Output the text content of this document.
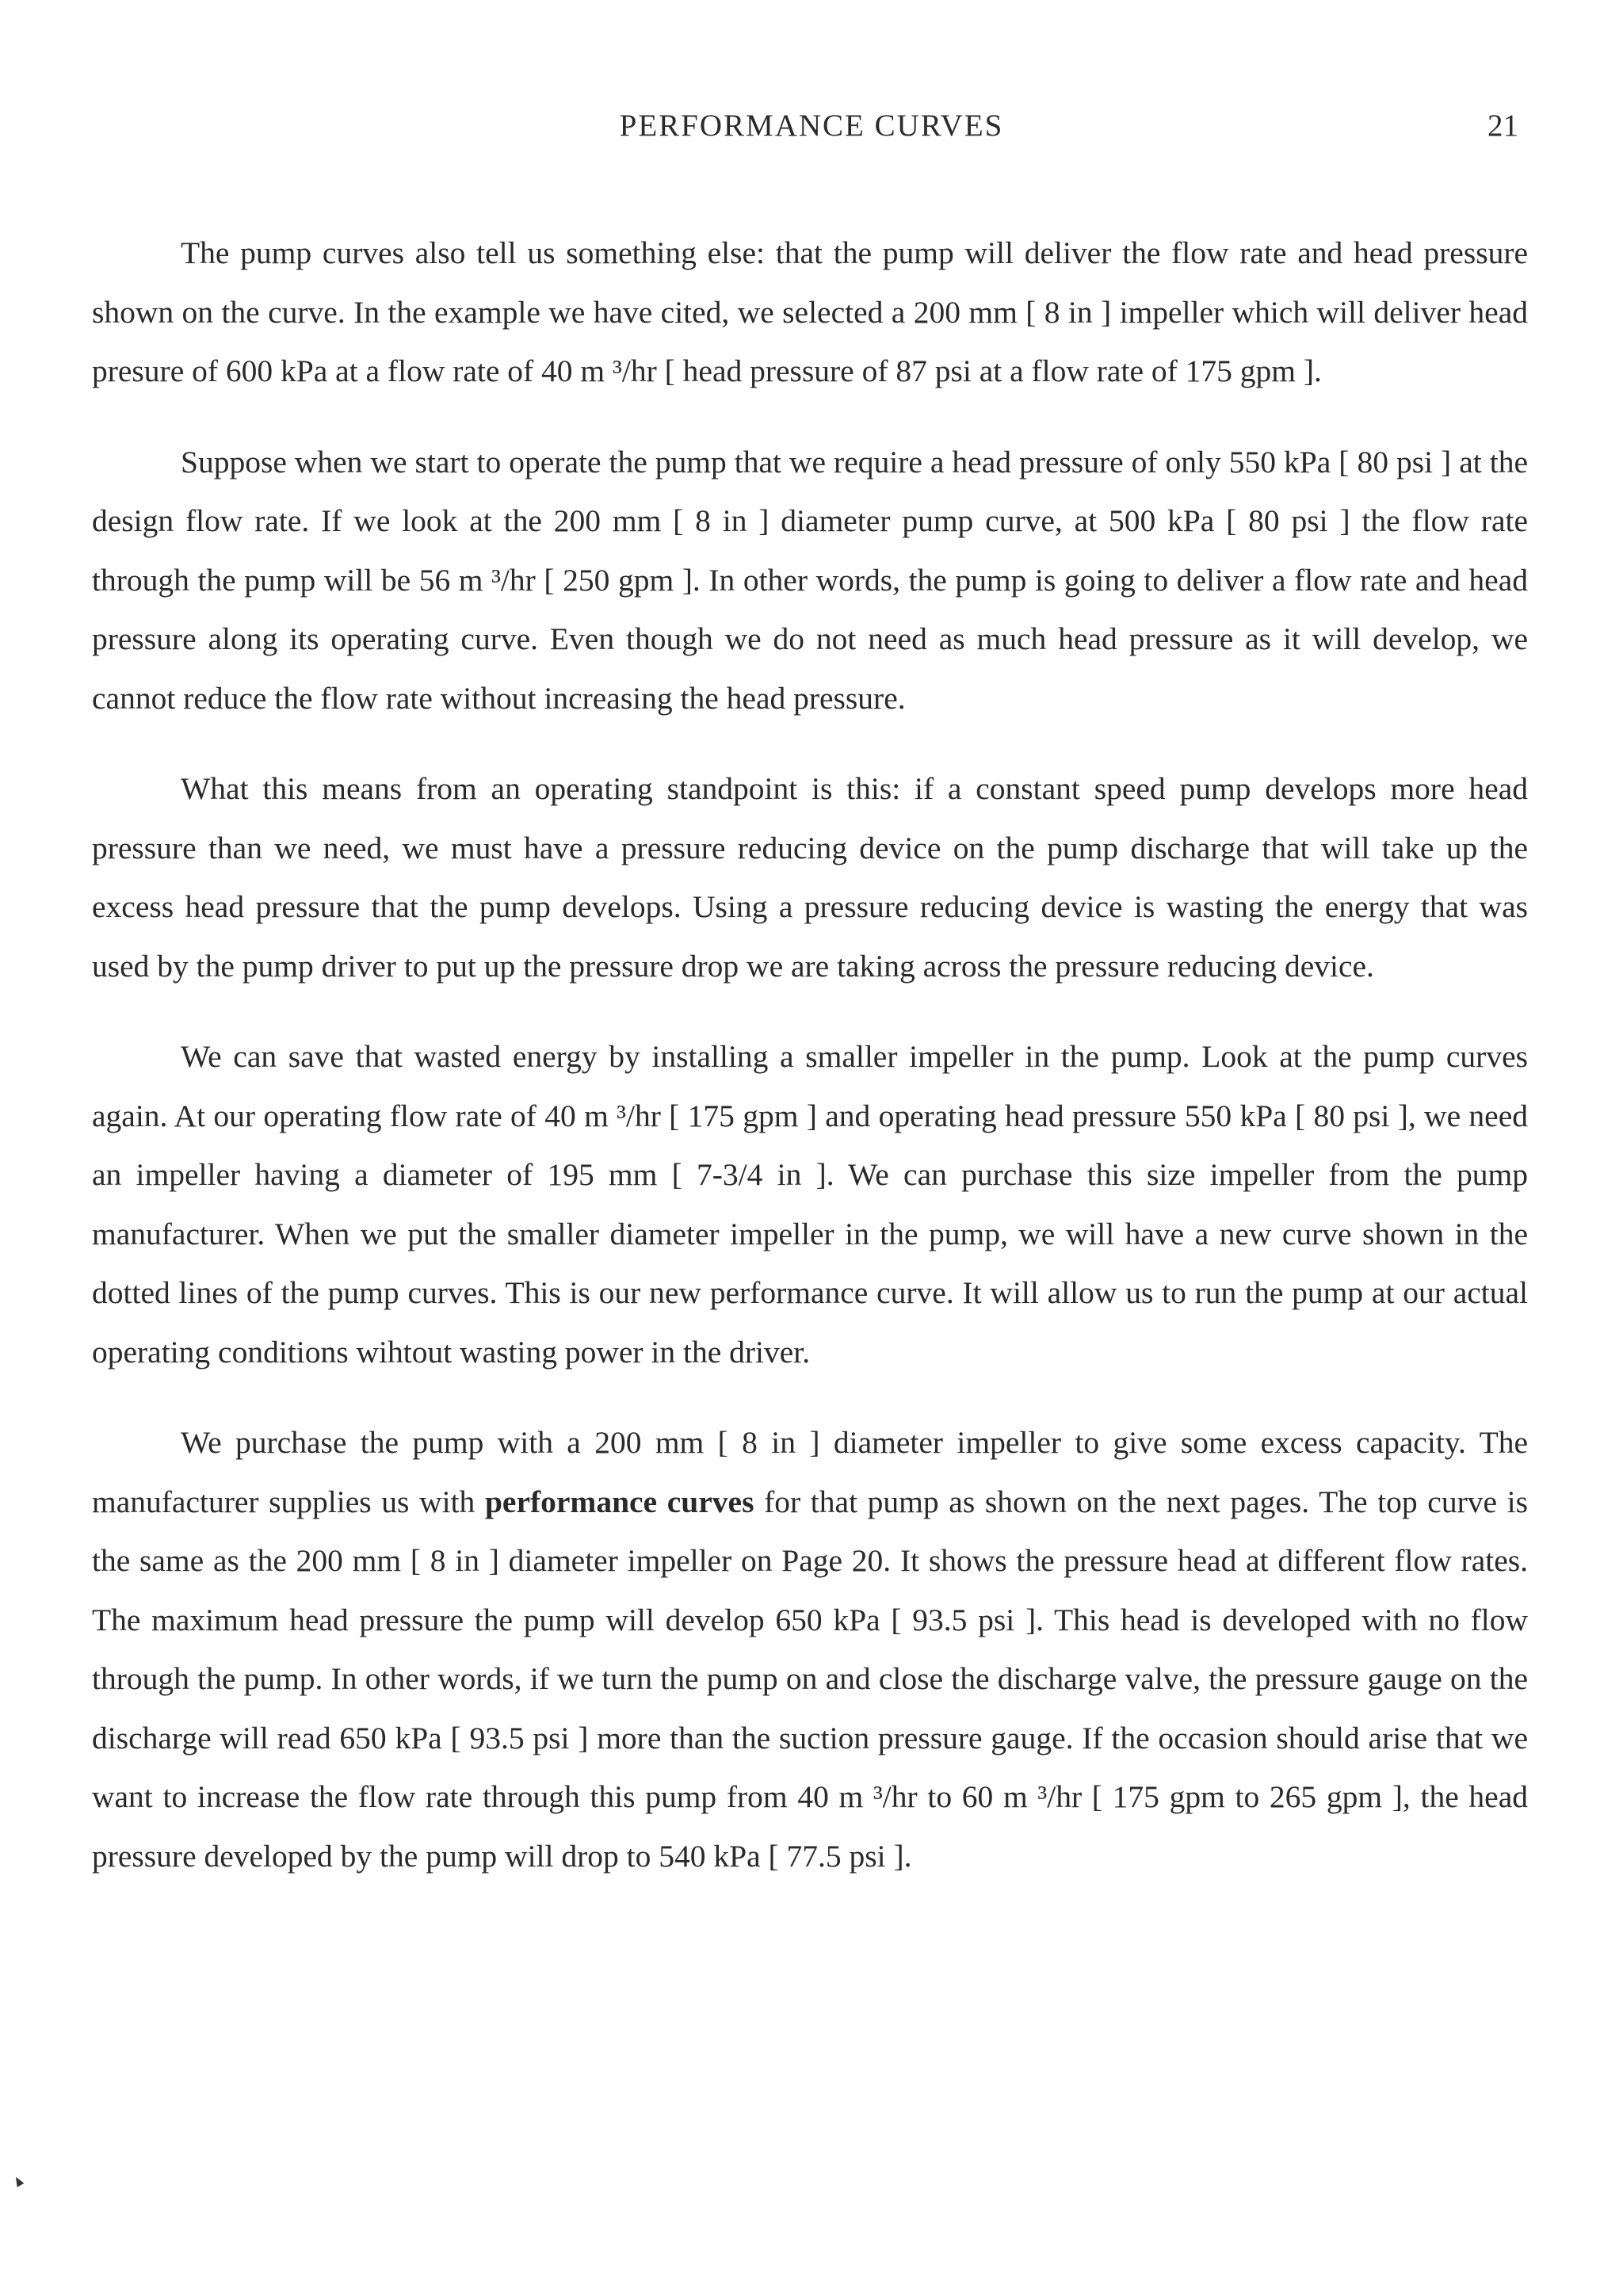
PERFORMANCE CURVES	21

The pump curves also tell us something else: that the pump will deliver the flow rate and head pressure shown on the curve. In the example we have cited, we selected a 200 mm [ 8 in ] impeller which will deliver head presure of 600 kPa at a flow rate of 40 m ³/hr [ head pressure of 87 psi at a flow rate of 175 gpm ].

Suppose when we start to operate the pump that we require a head pressure of only 550 kPa [ 80 psi ] at the design flow rate. If we look at the 200 mm [ 8 in ] diameter pump curve, at 500 kPa [ 80 psi ] the flow rate through the pump will be 56 m ³/hr [ 250 gpm ]. In other words, the pump is going to deliver a flow rate and head pressure along its operating curve. Even though we do not need as much head pressure as it will develop, we cannot reduce the flow rate without increasing the head pressure.

What this means from an operating standpoint is this: if a constant speed pump develops more head pressure than we need, we must have a pressure reducing device on the pump discharge that will take up the excess head pressure that the pump develops. Using a pressure reducing device is wasting the energy that was used by the pump driver to put up the pressure drop we are taking across the pressure reducing device.

We can save that wasted energy by installing a smaller impeller in the pump. Look at the pump curves again. At our operating flow rate of 40 m ³/hr [ 175 gpm ] and operating head pressure 550 kPa [ 80 psi ], we need an impeller having a diameter of 195 mm [ 7-3/4 in ]. We can purchase this size impeller from the pump manufacturer. When we put the smaller diameter impeller in the pump, we will have a new curve shown in the dotted lines of the pump curves. This is our new performance curve. It will allow us to run the pump at our actual operating conditions wihtout wasting power in the driver.

We purchase the pump with a 200 mm [ 8 in ] diameter impeller to give some excess capacity. The manufacturer supplies us with performance curves for that pump as shown on the next pages. The top curve is the same as the 200 mm [ 8 in ] diameter impeller on Page 20. It shows the pressure head at different flow rates. The maximum head pressure the pump will develop 650 kPa [ 93.5 psi ]. This head is developed with no flow through the pump. In other words, if we turn the pump on and close the discharge valve, the pressure gauge on the discharge will read 650 kPa [ 93.5 psi ] more than the suction pressure gauge. If the occasion should arise that we want to increase the flow rate through this pump from 40 m ³/hr to 60 m ³/hr [ 175 gpm to 265 gpm ], the head pressure developed by the pump will drop to 540 kPa [ 77.5 psi ].
